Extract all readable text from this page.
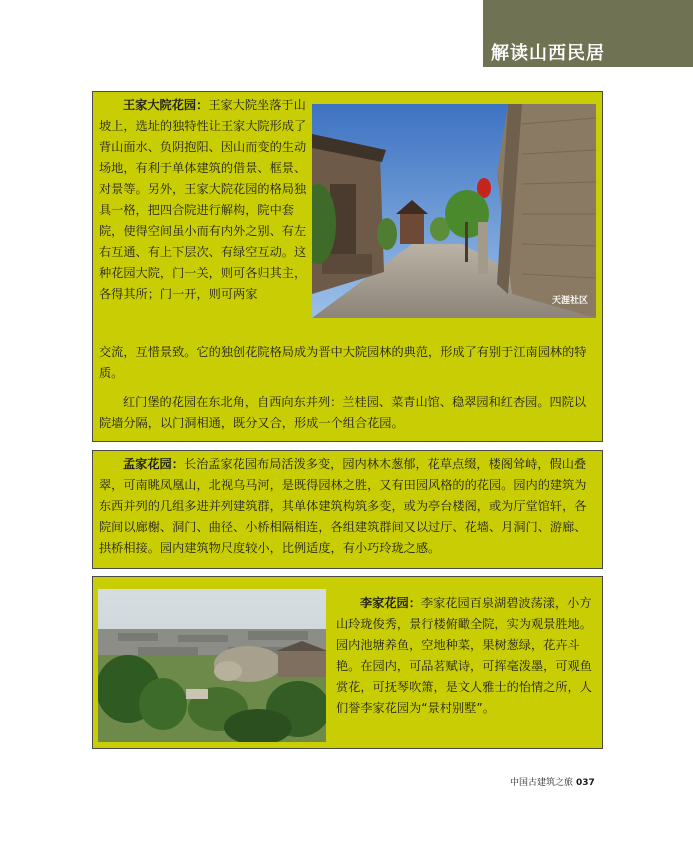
解读山西民居
王家大院花园：王家大院坐落于山坡上，选址的独特性让王家大院形成了背山面水、负阴抱阳、因山而变的生动场地，有利于单体建筑的借景、框景、对景等。另外，王家大院花园的格局独具一格，把四合院进行解构，院中套院，使得空间虽小而有内外之别、有左右互通、有上下层次、有绿空互动。这种花园大院，门一关，则可各归其主，各得其所；门一开，则可两家	天涯社区
交流，互惜景致。它的独创花院格局成为晋中大院园林的典范，形成了有别于江南园林的特质。
红门堡的花园在东北角，自西向东并列：兰桂园、菜青山馆、稳翠园和红杏园。四院以院墙分隔，以门洞相通，既分又合，形成一个组合花园。
孟家花园：长治孟家花园布局活泼多变，园内林木葱郁，花草点缀，楼阁耸峙，假山叠翠，可南眺凤凰山，北视乌马河，是既得园林之胜，又有田园风格的的花园。园内的建筑为东西并列的几组多进并列建筑群，其单体建筑构筑多变，或为亭台楼阁，或为厅堂馆轩，各院间以廊榭、洞门、曲径、小桥相隔相连，各组建筑群间又以过厅、花墙、月洞门、游廊、拱桥相接。园内建筑物尺度较小，比例适度，有小巧玲珑之感。
李家花园：李家花园百泉湖碧波荡漾，小方山玲珑俊秀，景行楼俯瞰全院，实为观景胜地。园内池塘养鱼，空地种菜，果树葱绿，花卉斗艳。在园内，可品茗赋诗，可挥毫泼墨，可观鱼赏花，可抚琴吹箫，是文人雅士的怡情之所，人们誉李家花园为“景村别墅”。
中国古建筑之旅 037
